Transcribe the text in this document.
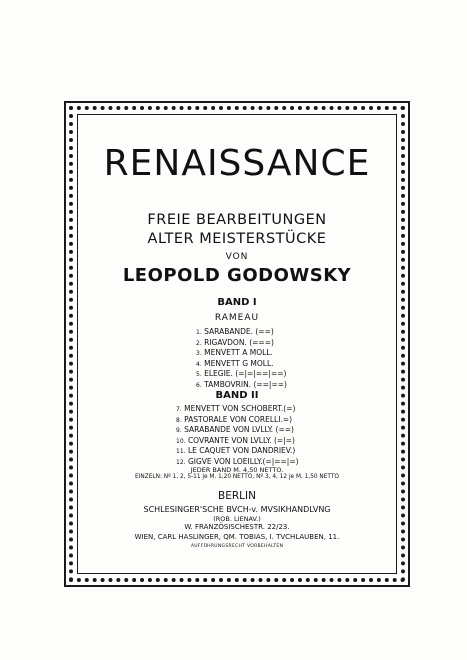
RENAISSANCE
FREIE BEARBEITUNGEN
ALTER MEISTERSTÜCKE
VON
LEOPOLD GODOWSKY
BAND I
RAMEAU
1. SARABANDE. (==)
2. RIGAVDON. (===)
3. MENVETT A MOLL.
4. MENVETT G MOLL.
5. ELEGIE. (=|=|==|==)
6. TAMBOVRIN. (==|==)
BAND II
7. MENVETT VON SCHOBERT.(=)
8. PASTORALE VON CORELLI.=)
9. SARABANDE VON LVLLY. (==)
10. COVRANTE VON LVLLY. (=|=)
11. LE CAQUET VON DANDRIEV.)
12. GIGVE VON LOEILLY.(=|==|=)
JEDER BAND M. 4,50 NETTO.
EINZELN: Nº 1, 2, 5-11 je M. 1,20 NETTO, Nº 3, 4, 12 je M. 1,50 NETTO
BERLIN
SCHLESINGER'SCHE BVCH-v. MVSIKHANDLVNG
(ROB. LIENAV.)
W. FRANZÖSISCHESTR. 22/23.
WIEN, CARL HASLINGER, QM. TOBIAS, I. TVCHLAUBEN, 11.
AUFFÜHRUNGSRECHT VORBEHALTEN
